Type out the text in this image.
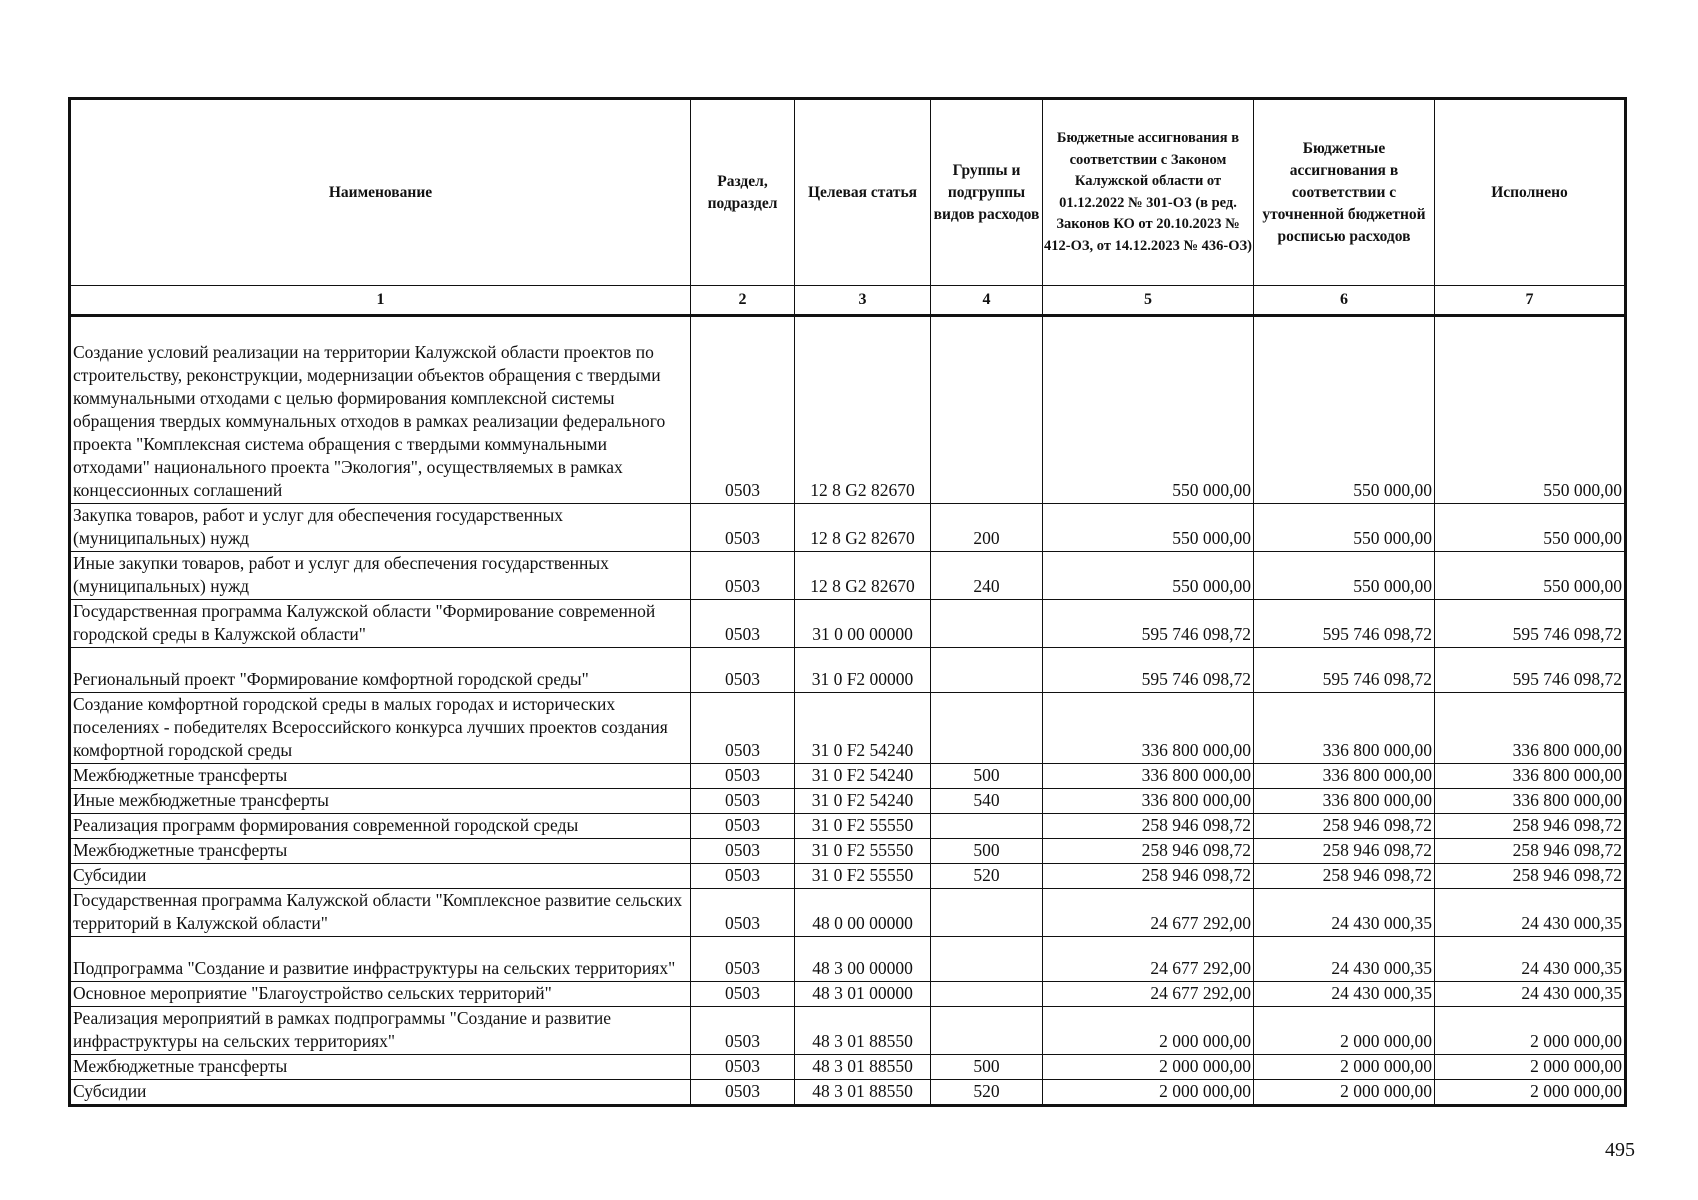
Наименование	Раздел, подраздел	Целевая статья	Группы и подгруппы видов расходов	Бюджетные ассигнования в соответствии с Законом Калужской области от 01.12.2022 № 301-ОЗ (в ред. Законов КО от 20.10.2023 № 412-ОЗ, от 14.12.2023 № 436-ОЗ)	Бюджетные ассигнования в соответствии с уточненной бюджетной росписью расходов	Исполнено
1	2	3	4	5	6	7
Создание условий реализации на территории Калужской области проектов по строительству, реконструкции, модернизации объектов обращения с твердыми коммунальными отходами с целью формирования комплексной системы обращения твердых коммунальных отходов в рамках реализации федерального проекта "Комплексная система обращения с твердыми коммунальными отходами" национального проекта "Экология", осуществляемых в рамках концессионных соглашений	0503	12 8 G2 82670		550 000,00	550 000,00	550 000,00
Закупка товаров, работ и услуг для обеспечения государственных (муниципальных) нужд	0503	12 8 G2 82670	200	550 000,00	550 000,00	550 000,00
Иные закупки товаров, работ и услуг для обеспечения государственных (муниципальных) нужд	0503	12 8 G2 82670	240	550 000,00	550 000,00	550 000,00
Государственная программа Калужской области "Формирование современной городской среды в Калужской области"	0503	31 0 00 00000		595 746 098,72	595 746 098,72	595 746 098,72
Региональный проект "Формирование комфортной городской среды"	0503	31 0 F2 00000		595 746 098,72	595 746 098,72	595 746 098,72
Создание комфортной городской среды в малых городах и исторических поселениях - победителях Всероссийского конкурса лучших проектов создания комфортной городской среды	0503	31 0 F2 54240		336 800 000,00	336 800 000,00	336 800 000,00
Межбюджетные трансферты	0503	31 0 F2 54240	500	336 800 000,00	336 800 000,00	336 800 000,00
Иные межбюджетные трансферты	0503	31 0 F2 54240	540	336 800 000,00	336 800 000,00	336 800 000,00
Реализация программ формирования современной городской среды	0503	31 0 F2 55550		258 946 098,72	258 946 098,72	258 946 098,72
Межбюджетные трансферты	0503	31 0 F2 55550	500	258 946 098,72	258 946 098,72	258 946 098,72
Субсидии	0503	31 0 F2 55550	520	258 946 098,72	258 946 098,72	258 946 098,72
Государственная программа Калужской области "Комплексное развитие сельских территорий в Калужской области"	0503	48 0 00 00000		24 677 292,00	24 430 000,35	24 430 000,35
Подпрограмма "Создание и развитие инфраструктуры на сельских территориях"	0503	48 3 00 00000		24 677 292,00	24 430 000,35	24 430 000,35
Основное мероприятие "Благоустройство сельских территорий"	0503	48 3 01 00000		24 677 292,00	24 430 000,35	24 430 000,35
Реализация мероприятий в рамках подпрограммы "Создание и развитие инфраструктуры на сельских территориях"	0503	48 3 01 88550		2 000 000,00	2 000 000,00	2 000 000,00
Межбюджетные трансферты	0503	48 3 01 88550	500	2 000 000,00	2 000 000,00	2 000 000,00
Субсидии	0503	48 3 01 88550	520	2 000 000,00	2 000 000,00	2 000 000,00
495
